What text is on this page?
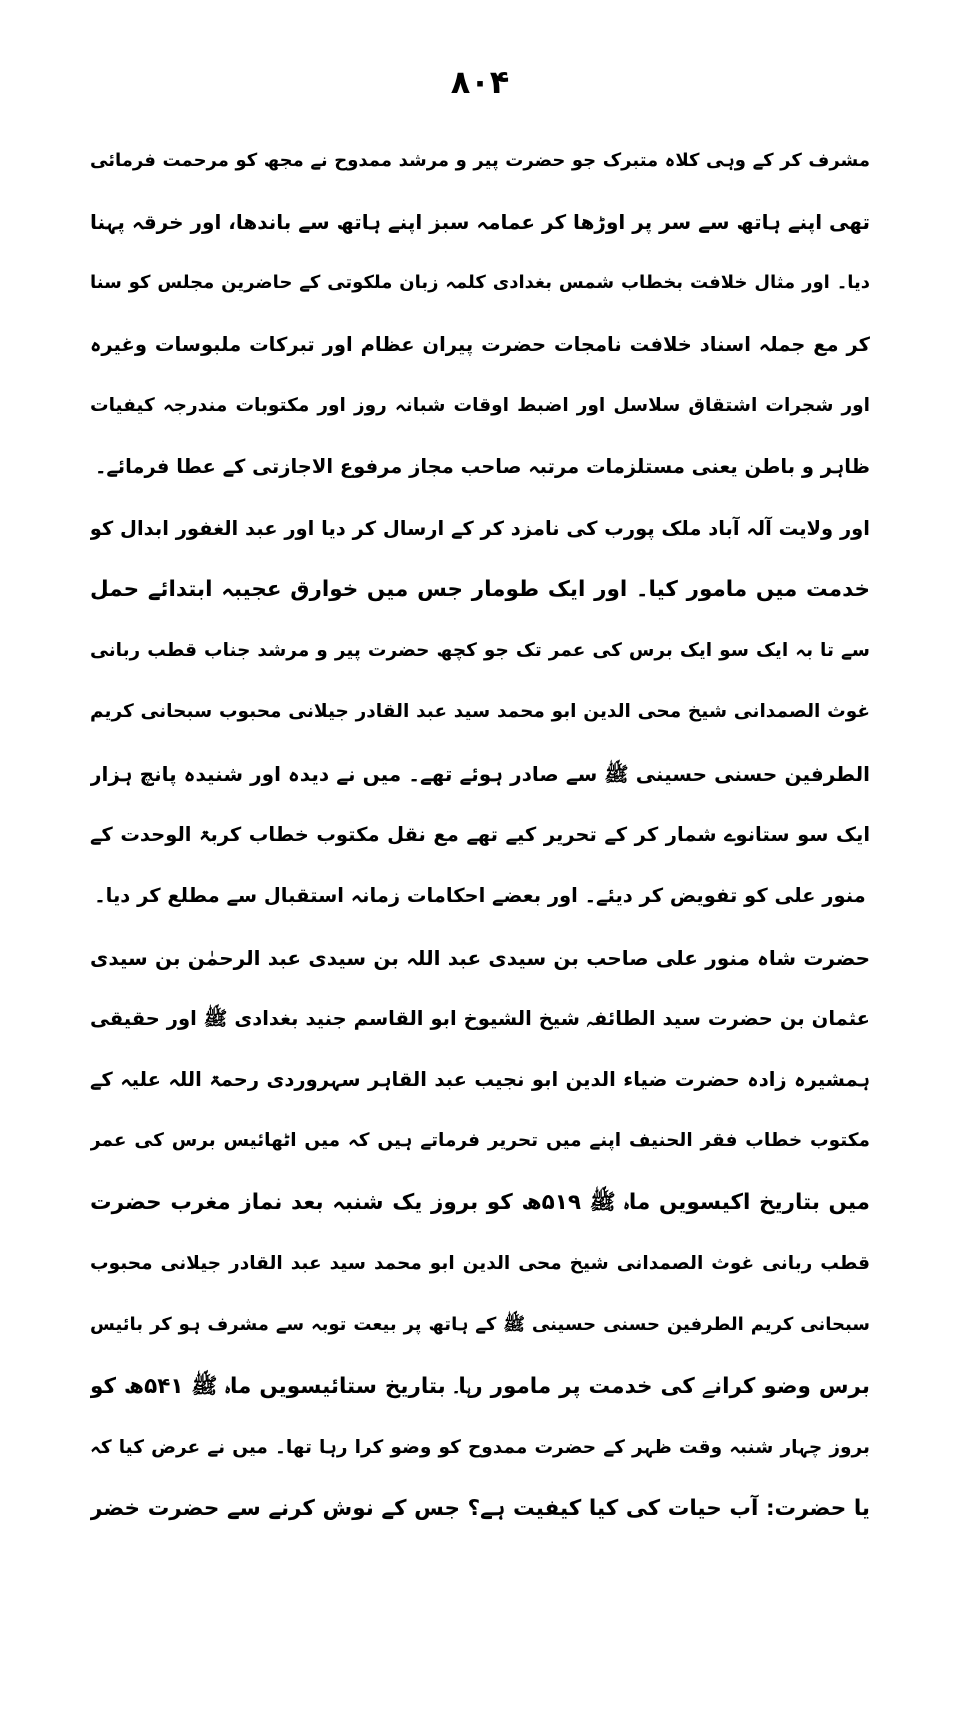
۸۰۴
مشرف کر کے وہی کلاہ متبرک جو حضرت پیر و مرشد ممدوح نے مجھ کو مرحمت فرمائی
تھی اپنے ہاتھ سے سر پر اوڑھا کر عمامہ سبز اپنے ہاتھ سے باندھا، اور خرقہ پہنا
دیا۔ اور مثال خلافت بخطاب شمس بغدادی کلمہ زبان ملکوتی کے حاضرین مجلس کو سنا
کر مع جملہ اسناد خلافت نامجات حضرت پیران عظام اور تبرکات ملبوسات وغیرہ
اور شجرات اشتقاق سلاسل اور اضبط اوقات شبانہ روز اور مکتوبات مندرجہ کیفیات
ظاہر و باطن یعنی مستلزمات مرتبہ صاحب مجاز مرفوع الاجازتی کے عطا فرمائے۔
اور ولایت آلہ آباد ملک پورب کی نامزد کر کے ارسال کر دیا اور عبد الغفور ابدال کو
خدمت میں مامور کیا۔ اور ایک طومار جس میں خوارق عجیبہ ابتدائے حمل
سے تا بہ ایک سو ایک برس کی عمر تک جو کچھ حضرت پیر و مرشد جناب قطب ربانی
غوث الصمدانی شیخ محی الدین ابو محمد سید عبد القادر جیلانی محبوب سبحانی کریم
الطرفین حسنی حسینی ﷺ سے صادر ہوئے تھے۔ میں نے دیدہ اور شنیدہ پانچ ہزار
ایک سو ستانوے شمار کر کے تحریر کیے تھے مع نقل مکتوب خطاب کربۃ الوحدت کے
منور علی کو تفویض کر دیئے۔ اور بعضے احکامات زمانہ استقبال سے مطلع کر دیا۔
حضرت شاہ منور علی صاحب بن سیدی عبد اللہ بن سیدی عبد الرحمٰن بن سیدی
عثمان بن حضرت سید الطائفہ شیخ الشیوخ ابو القاسم جنید بغدادی ﷺ اور حقیقی
ہمشیرہ زادہ حضرت ضیاء الدین ابو نجیب عبد القاہر سہروردی رحمۃ اللہ علیہ کے
مکتوب خطاب فقر الحنیف اپنے میں تحریر فرماتے ہیں کہ میں اٹھائیس برس کی عمر
میں بتاریخ اکیسویں ماہ ﷺ ۵۱۹ھ کو بروز یک شنبہ بعد نماز مغرب حضرت
قطب ربانی غوث الصمدانی شیخ محی الدین ابو محمد سید عبد القادر جیلانی محبوب
سبحانی کریم الطرفین حسنی حسینی ﷺ کے ہاتھ پر بیعت توبہ سے مشرف ہو کر بائیس
برس وضو کرانے کی خدمت پر مامور رہا۔ بتاریخ ستائیسویں ماہ ﷺ ۵۴۱ھ کو
بروز چہار شنبہ وقت ظہر کے حضرت ممدوح کو وضو کرا رہا تھا۔ میں نے عرض کیا کہ
یا حضرت: آب حیات کی کیا کیفیت ہے؟ جس کے نوش کرنے سے حضرت خضر
